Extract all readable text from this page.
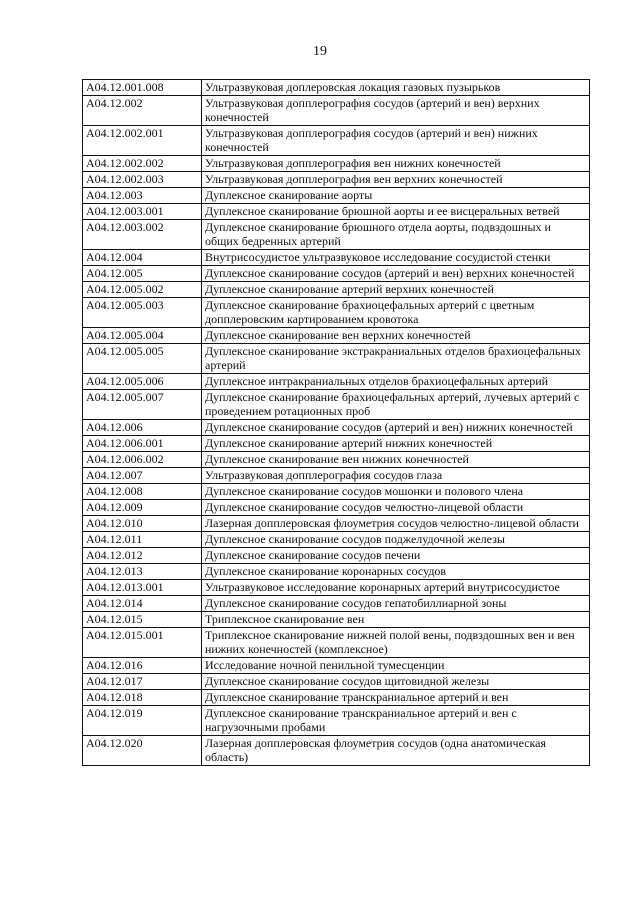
19
A04.12.001.008	Ультразвуковая доплеровская локация газовых пузырьков
A04.12.002	Ультразвуковая допплерография сосудов (артерий и вен) верхних конечностей
A04.12.002.001	Ультразвуковая допплерография сосудов (артерий и вен) нижних конечностей
A04.12.002.002	Ультразвуковая допплерография вен нижних конечностей
A04.12.002.003	Ультразвуковая допплерография вен верхних конечностей
A04.12.003	Дуплексное сканирование аорты
A04.12.003.001	Дуплексное сканирование брюшной аорты и ее висцеральных ветвей
A04.12.003.002	Дуплексное сканирование брюшного отдела аорты, подвздошных и общих бедренных артерий
A04.12.004	Внутрисосудистое ультразвуковое исследование сосудистой стенки
A04.12.005	Дуплексное сканирование сосудов (артерий и вен) верхних конечностей
A04.12.005.002	Дуплексное сканирование артерий верхних конечностей
A04.12.005.003	Дуплексное сканирование брахиоцефальных артерий с цветным допплеровским картированием кровотока
A04.12.005.004	Дуплексное сканирование вен верхних конечностей
A04.12.005.005	Дуплексное сканирование экстракраниальных отделов брахиоцефальных артерий
A04.12.005.006	Дуплексное интракраниальных отделов брахиоцефальных артерий
A04.12.005.007	Дуплексное сканирование брахиоцефальных артерий, лучевых артерий с проведением ротационных проб
A04.12.006	Дуплексное сканирование сосудов (артерий и вен) нижних конечностей
A04.12.006.001	Дуплексное сканирование артерий нижних конечностей
A04.12.006.002	Дуплексное сканирование вен нижних конечностей
A04.12.007	Ультразвуковая допплерография сосудов глаза
A04.12.008	Дуплексное сканирование сосудов мошонки и полового члена
A04.12.009	Дуплексное сканирование сосудов челюстно-лицевой области
A04.12.010	Лазерная допплеровская флоуметрия сосудов челюстно-лицевой области
A04.12.011	Дуплексное сканирование сосудов поджелудочной железы
A04.12.012	Дуплексное сканирование сосудов печени
A04.12.013	Дуплексное сканирование коронарных сосудов
A04.12.013.001	Ультразвуковое исследование коронарных артерий внутрисосудистое
A04.12.014	Дуплексное сканирование сосудов гепатобиллиарной зоны
A04.12.015	Триплексное сканирование вен
A04.12.015.001	Триплексное сканирование нижней полой вены, подвздошных вен и вен нижних конечностей (комплексное)
A04.12.016	Исследование ночной пенильной тумесценции
A04.12.017	Дуплексное сканирование сосудов щитовидной железы
A04.12.018	Дуплексное сканирование транскраниальное артерий и вен
A04.12.019	Дуплексное сканирование транскраниальное артерий и вен с нагрузочными пробами
A04.12.020	Лазерная допплеровская флоуметрия сосудов (одна анатомическая область)
